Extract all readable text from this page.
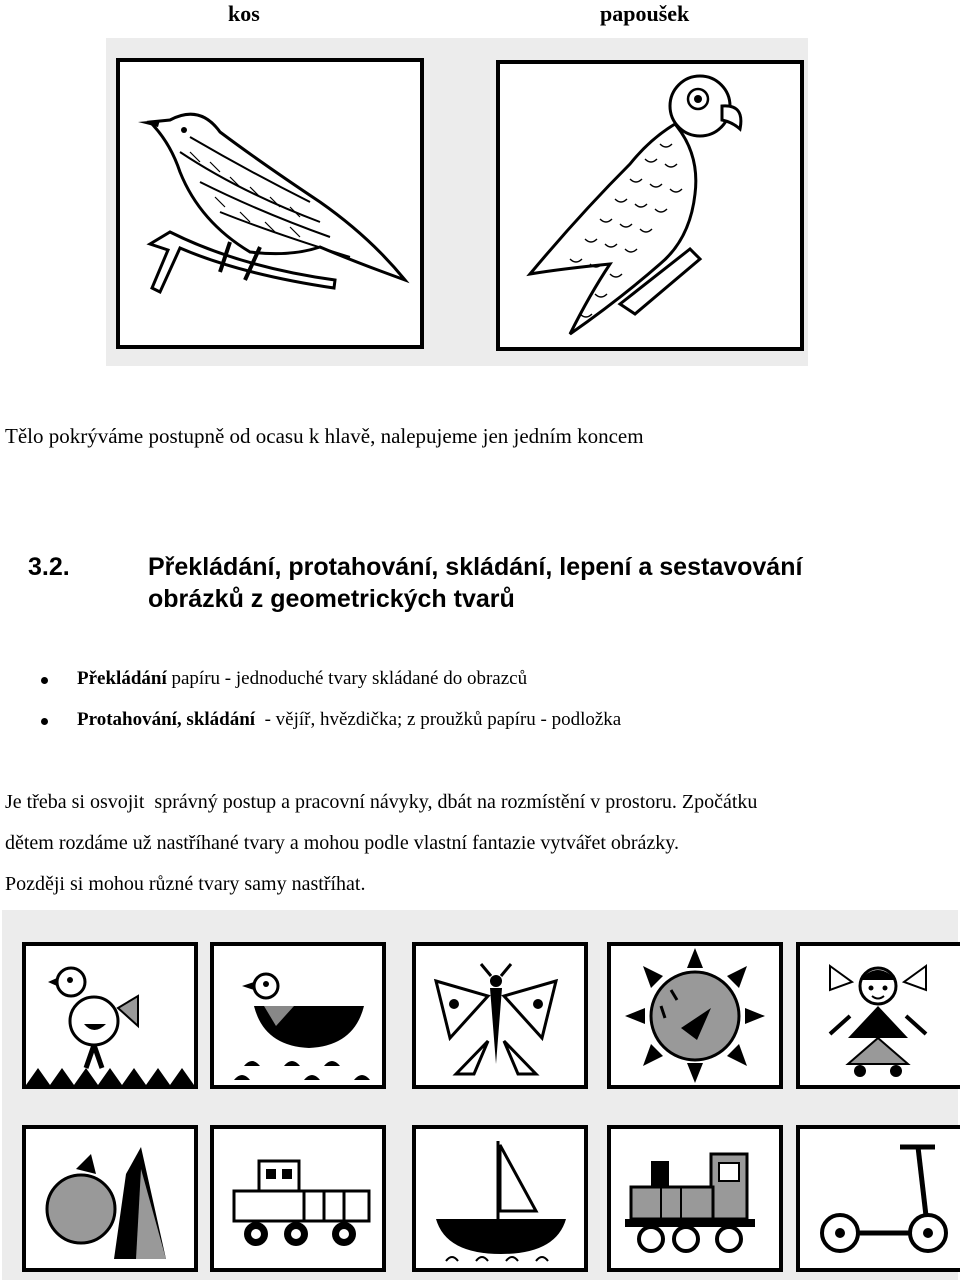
kos	papoušek
Tělo pokrýváme postupně od ocasu k hlavě, nalepujeme jen jedním koncem
3.2.	Překládání, protahování, skládání, lepení a sestavování
obrázků z geometrických tvarů
Překládání papíru - jednoduché tvary skládané do obrazců
Protahování, skládání  - vějíř, hvězdička; z proužků papíru - podložka
Je třeba si osvojit  správný postup a pracovní návyky, dbát na rozmístění v prostoru. Zpočátku
dětem rozdáme už nastříhané tvary a mohou podle vlastní fantazie vytvářet obrázky.
Později si mohou různé tvary samy nastříhat.
